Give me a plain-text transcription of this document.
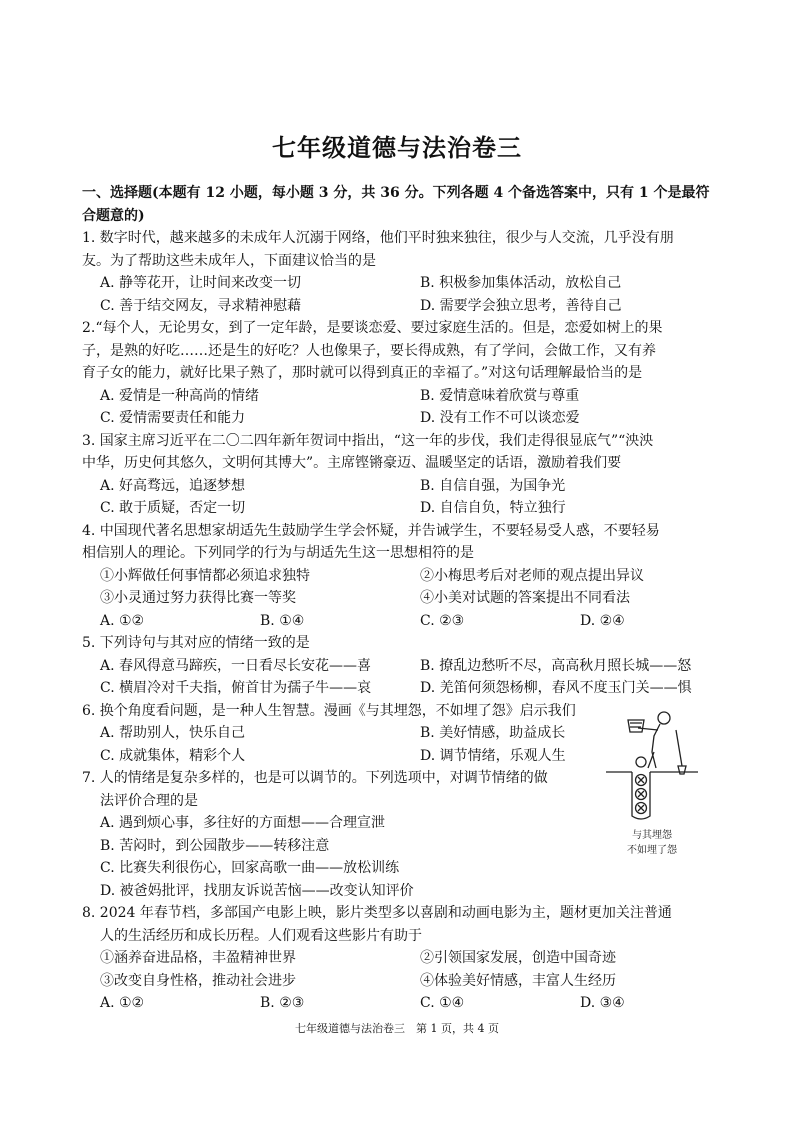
七年级道德与法治卷三
一、选择题(本题有 12 小题，每小题 3 分，共 36 分。下列各题 4 个备选答案中，只有 1 个是最符
合题意的)
1. 数字时代，越来越多的未成年人沉溺于网络，他们平时独来独往，很少与人交流，几乎没有朋
友。为了帮助这些未成年人，下面建议恰当的是
A. 静等花开，让时间来改变一切	B. 积极参加集体活动，放松自己
C. 善于结交网友，寻求精神慰藉	D. 需要学会独立思考，善待自己
2.“每个人，无论男女，到了一定年龄，是要谈恋爱、要过家庭生活的。但是，恋爱如树上的果
子，是熟的好吃……还是生的好吃？人也像果子，要长得成熟，有了学问，会做工作，又有养
育子女的能力，就好比果子熟了，那时就可以得到真正的幸福了。”对这句话理解最恰当的是
A. 爱情是一种高尚的情绪	B. 爱情意味着欣赏与尊重
C. 爱情需要责任和能力	D. 没有工作不可以谈恋爱
3. 国家主席习近平在二〇二四年新年贺词中指出，“这一年的步伐，我们走得很显底气”“泱泱
中华，历史何其悠久，文明何其博大”。主席铿锵豪迈、温暖坚定的话语，激励着我们要
A. 好高骛远，追逐梦想	B. 自信自强，为国争光
C. 敢于质疑，否定一切	D. 自信自负，特立独行
4. 中国现代著名思想家胡适先生鼓励学生学会怀疑，并告诫学生，不要轻易受人惑，不要轻易
相信别人的理论。下列同学的行为与胡适先生这一思想相符的是
①小辉做任何事情都必须追求独特	②小梅思考后对老师的观点提出异议
③小灵通过努力获得比赛一等奖	④小美对试题的答案提出不同看法
A. ①②	B. ①④	C. ②③	D. ②④
5. 下列诗句与其对应的情绪一致的是
A. 春风得意马蹄疾，一日看尽长安花——喜	B. 撩乱边愁听不尽，高高秋月照长城——怒
C. 横眉冷对千夫指，俯首甘为孺子牛——哀	D. 羌笛何须怨杨柳，春风不度玉门关——惧
6. 换个角度看问题，是一种人生智慧。漫画《与其埋怨，不如埋了怨》启示我们
A. 帮助别人，快乐自己	B. 美好情感，助益成长
C. 成就集体，精彩个人	D. 调节情绪，乐观人生
7. 人的情绪是复杂多样的，也是可以调节的。下列选项中，对调节情绪的做
法评价合理的是
A. 遇到烦心事，多往好的方面想——合理宣泄
B. 苦闷时，到公园散步——转移注意
C. 比赛失利很伤心，回家高歌一曲——放松训练
D. 被爸妈批评，找朋友诉说苦恼——改变认知评价
8. 2024 年春节档，多部国产电影上映，影片类型多以喜剧和动画电影为主，题材更加关注普通
人的生活经历和成长历程。人们观看这些影片有助于
①涵养奋进品格，丰盈精神世界	②引领国家发展，创造中国奇迹
③改变自身性格，推动社会进步	④体验美好情感，丰富人生经历
A. ①②	B. ②③	C. ①④	D. ③④
与其埋怨
不如埋了怨
七年级道德与法治卷三　第 1 页，共 4 页
